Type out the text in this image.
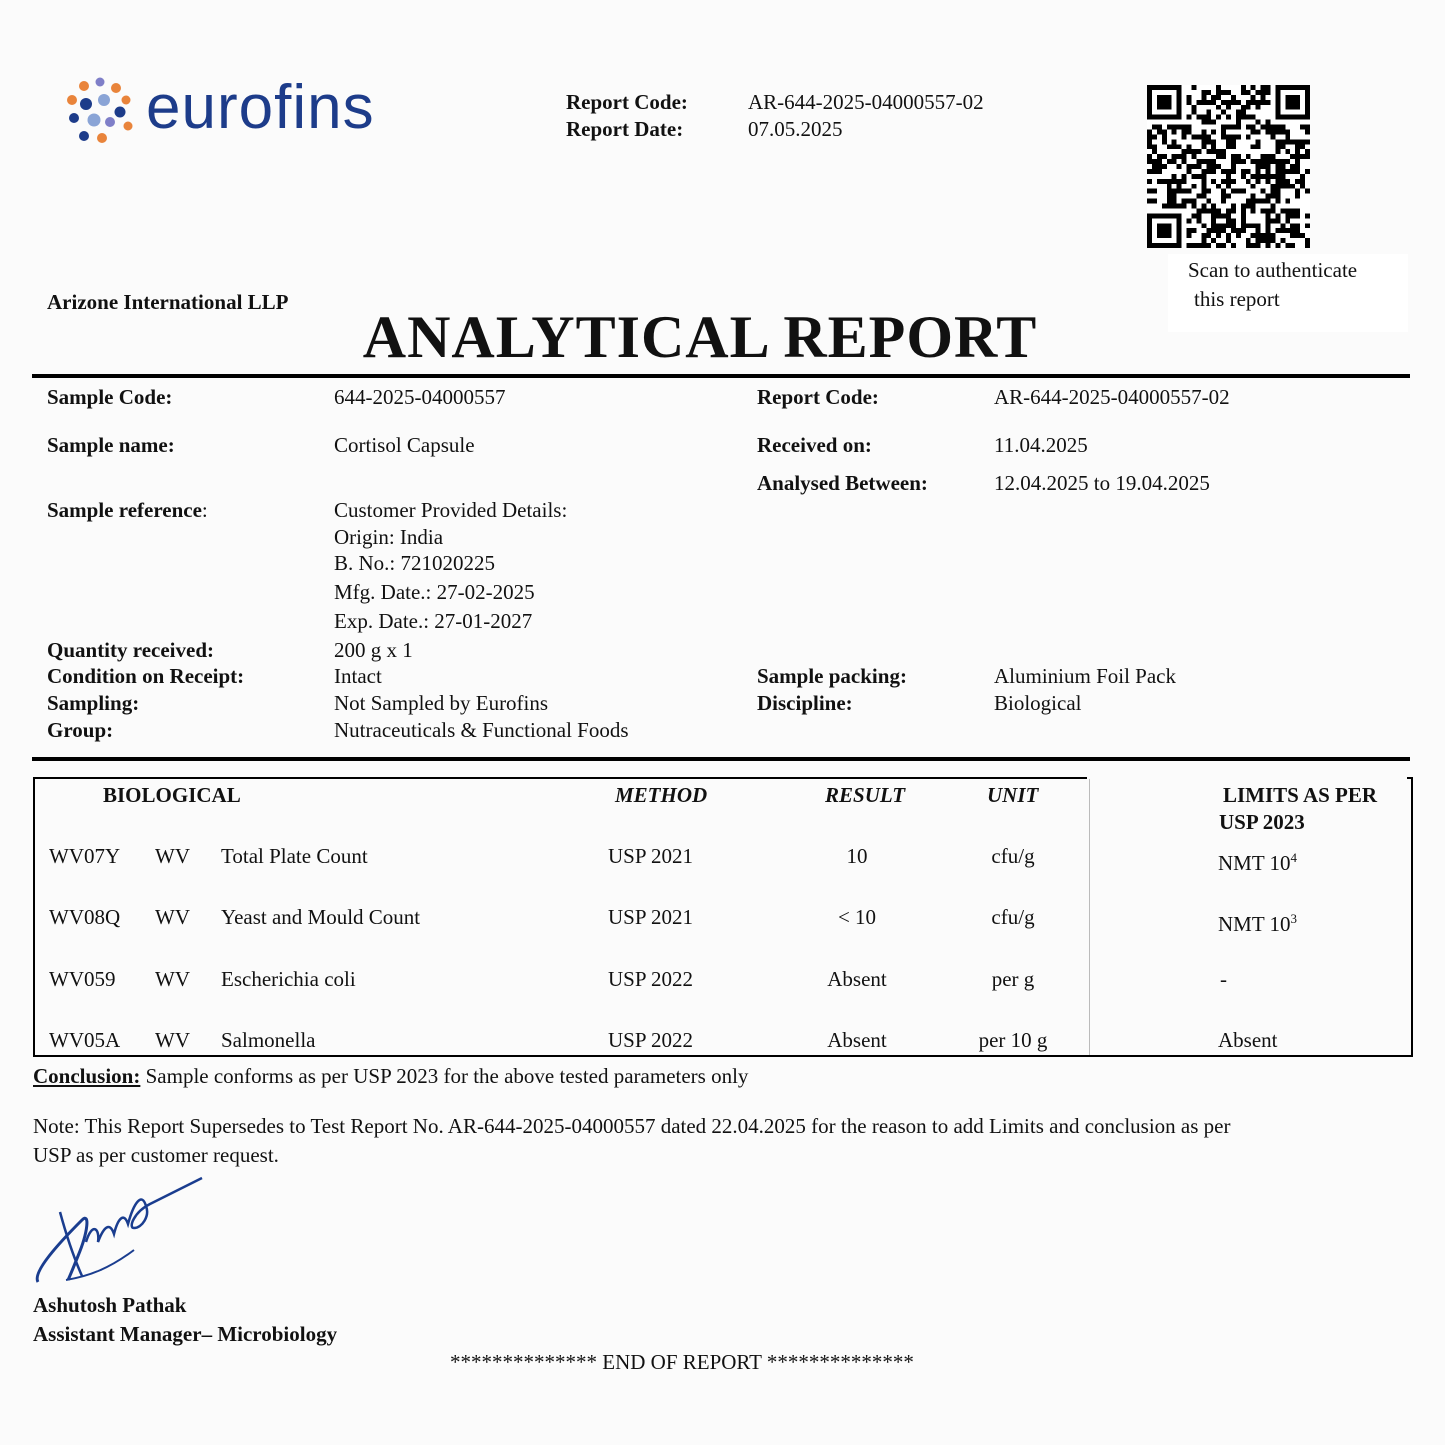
eurofins	Report Code:	AR-644-2025-04000557-02
Report Date:	07.05.2025
Scan to authenticate
this report
Arizone International LLP
ANALYTICAL REPORT
Sample Code:	644-2025-04000557
Sample name:	Cortisol Capsule
Sample reference:	Customer Provided Details:
Origin: India
B. No.: 721020225
Mfg. Date.: 27-02-2025
Exp. Date.: 27-01-2027
Quantity received:	200 g x 1
Condition on Receipt:	Intact
Sampling:	Not Sampled by Eurofins
Group:	Nutraceuticals & Functional Foods
Report Code:	AR-644-2025-04000557-02
Received on:	11.04.2025
Analysed Between:	12.04.2025 to 19.04.2025
Sample packing:	Aluminium Foil Pack
Discipline:	Biological
BIOLOGICAL	METHOD	RESULT	UNIT	LIMITS AS PER
USP 2023
WV07Y WV Total Plate Count	USP 2021	10	cfu/g	NMT $10^4$
WV08Q WV Yeast and Mould Count	USP 2021	< 10	cfu/g	NMT $10^3$
WV059 WV Escherichia coli	USP 2022	Absent	per g	-
WV05A WV Salmonella	USP 2022	Absent	per 10 g	Absent
Conclusion: Sample conforms as per USP 2023 for the above tested parameters only
Note: This Report Supersedes to Test Report No. AR-644-2025-04000557 dated 22.04.2025 for the reason to add Limits and conclusion as per
USP as per customer request.
Ashutosh Pathak
Assistant Manager– Microbiology
************** END OF REPORT **************
